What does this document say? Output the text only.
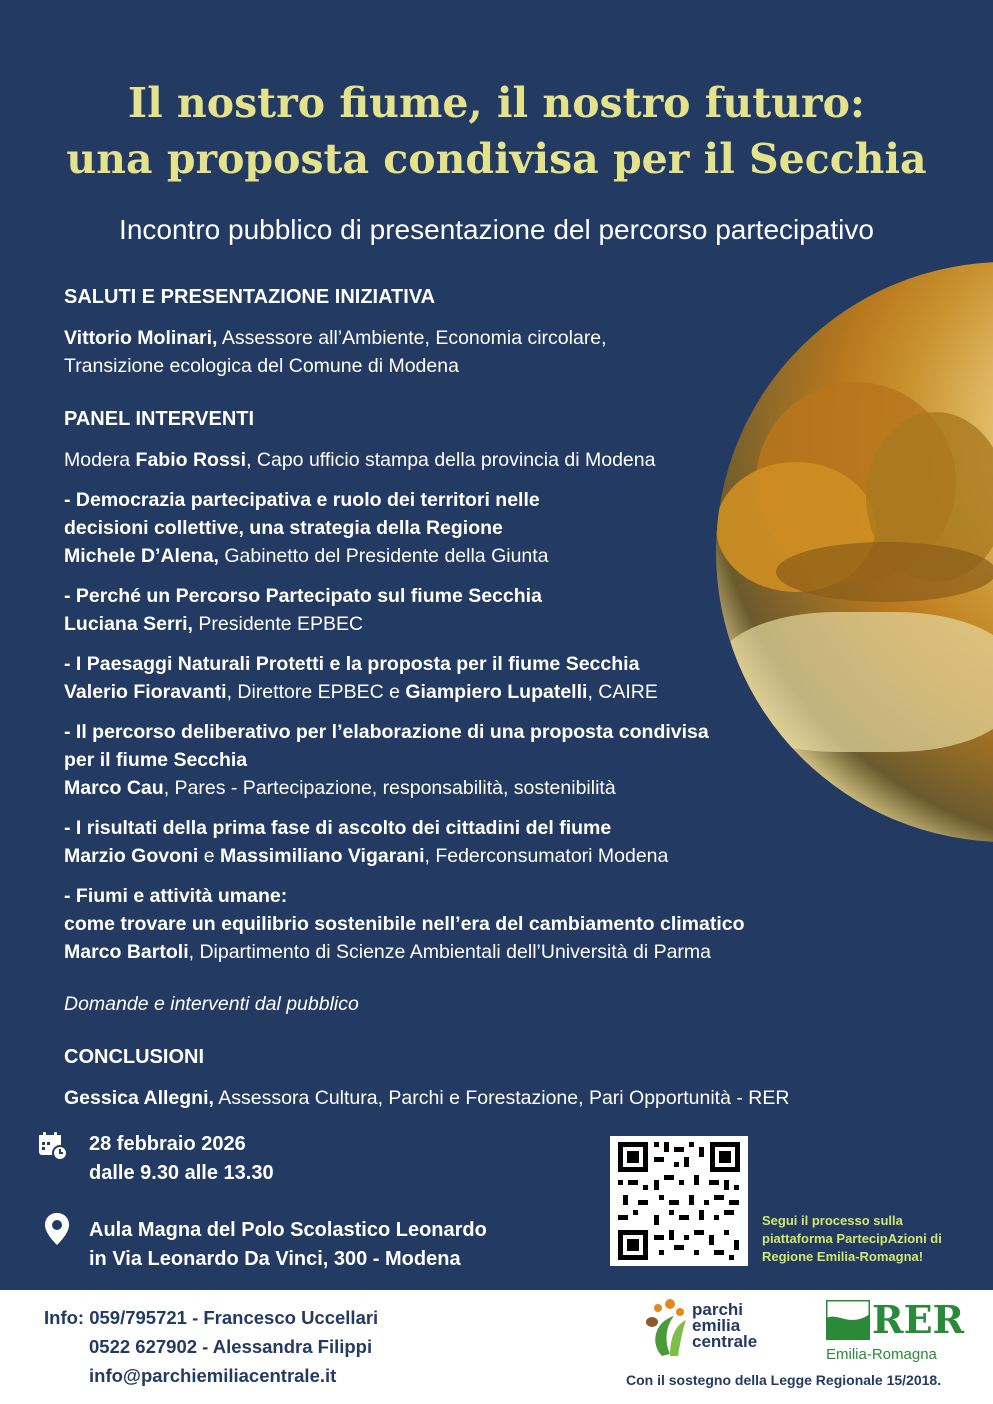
Il nostro fiume, il nostro futuro:
una proposta condivisa per il Secchia
Incontro pubblico di presentazione del percorso partecipativo
SALUTI E PRESENTAZIONE INIZIATIVA
Vittorio Molinari, Assessore all’Ambiente, Economia circolare,
Transizione ecologica del Comune di Modena
PANEL INTERVENTI
Modera Fabio Rossi, Capo ufficio stampa della provincia di Modena
- Democrazia partecipativa e ruolo dei territori nelle
decisioni collettive, una strategia della Regione
Michele D’Alena, Gabinetto del Presidente della Giunta
- Perché un Percorso Partecipato sul fiume Secchia
Luciana Serri, Presidente EPBEC
- I Paesaggi Naturali Protetti e la proposta per il fiume Secchia
Valerio Fioravanti, Direttore EPBEC e Giampiero Lupatelli, CAIRE
- Il percorso deliberativo per l’elaborazione di una proposta condivisa
per il fiume Secchia
Marco Cau, Pares - Partecipazione, responsabilità, sostenibilità
- I risultati della prima fase di ascolto dei cittadini del fiume
Marzio Govoni e Massimiliano Vigarani, Federconsumatori Modena
- Fiumi e attività umane:
come trovare un equilibrio sostenibile nell’era del cambiamento climatico
Marco Bartoli, Dipartimento di Scienze Ambientali dell’Università di Parma
Domande e interventi dal pubblico
CONCLUSIONI
Gessica Allegni, Assessora Cultura, Parchi e Forestazione, Pari Opportunità - RER
28 febbraio 2026
dalle 9.30 alle 13.30
Aula Magna del Polo Scolastico Leonardo
in Via Leonardo Da Vinci, 300 - Modena
Segui il processo sulla
piattaforma PartecipAzioni di
Regione Emilia-Romagna!
Info: 059/795721 - Francesco Uccellari
0522 627902 - Alessandra Filippi
info@parchiemiliacentrale.it
parchi
emilia
centrale	RER
Emilia-Romagna
Con il sostegno della Legge Regionale 15/2018.
